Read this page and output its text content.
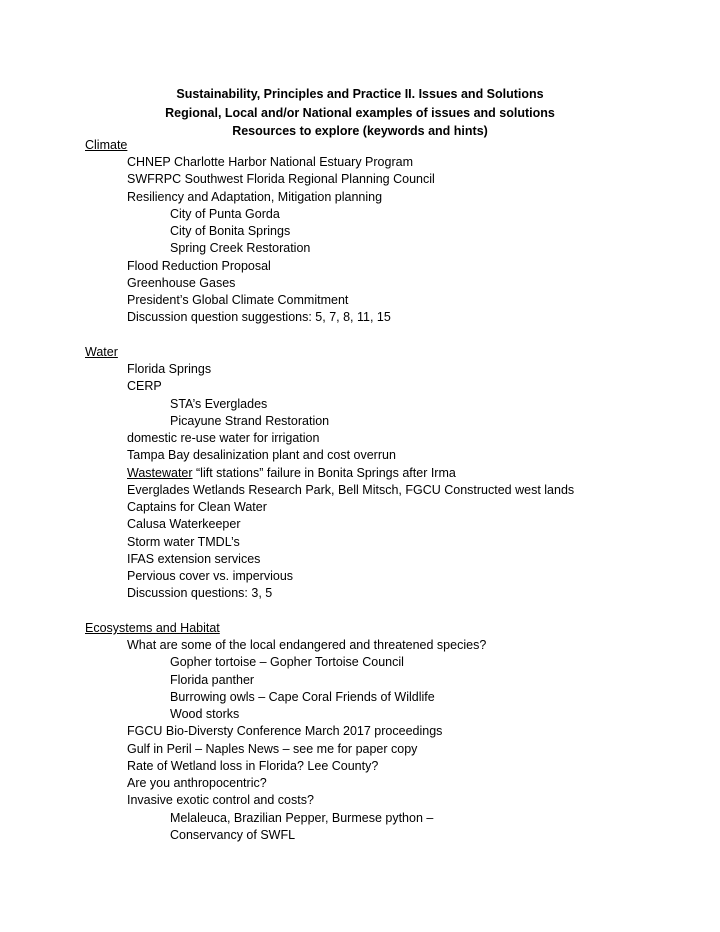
Sustainability, Principles and Practice II. Issues and Solutions
Regional, Local and/or National examples of issues and solutions
Resources to explore (keywords and hints)
Climate
CHNEP Charlotte Harbor National Estuary Program
SWFRPC Southwest Florida Regional Planning Council
Resiliency and Adaptation, Mitigation planning
City of Punta Gorda
City of Bonita Springs
Spring Creek Restoration
Flood Reduction Proposal
Greenhouse Gases
President’s Global Climate Commitment
Discussion question suggestions: 5, 7, 8, 11, 15
Water
Florida Springs
CERP
STA’s Everglades
Picayune Strand Restoration
domestic re-use water for irrigation
Tampa Bay desalinization plant and cost overrun
Wastewater “lift stations” failure in Bonita Springs after Irma
Everglades Wetlands Research Park, Bell Mitsch, FGCU Constructed west lands
Captains for Clean Water
Calusa Waterkeeper
Storm water TMDL’s
IFAS extension services
Pervious cover vs. impervious
Discussion questions: 3, 5
Ecosystems and Habitat
What are some of the local endangered and threatened species?
Gopher tortoise – Gopher Tortoise Council
Florida panther
Burrowing owls – Cape Coral Friends of Wildlife
Wood storks
FGCU Bio-Diversty Conference March 2017 proceedings
Gulf in Peril – Naples News – see me for paper copy
Rate of Wetland loss in Florida? Lee County?
Are you anthropocentric?
Invasive exotic control and costs?
Melaleuca, Brazilian Pepper, Burmese python –
Conservancy of SWFL
